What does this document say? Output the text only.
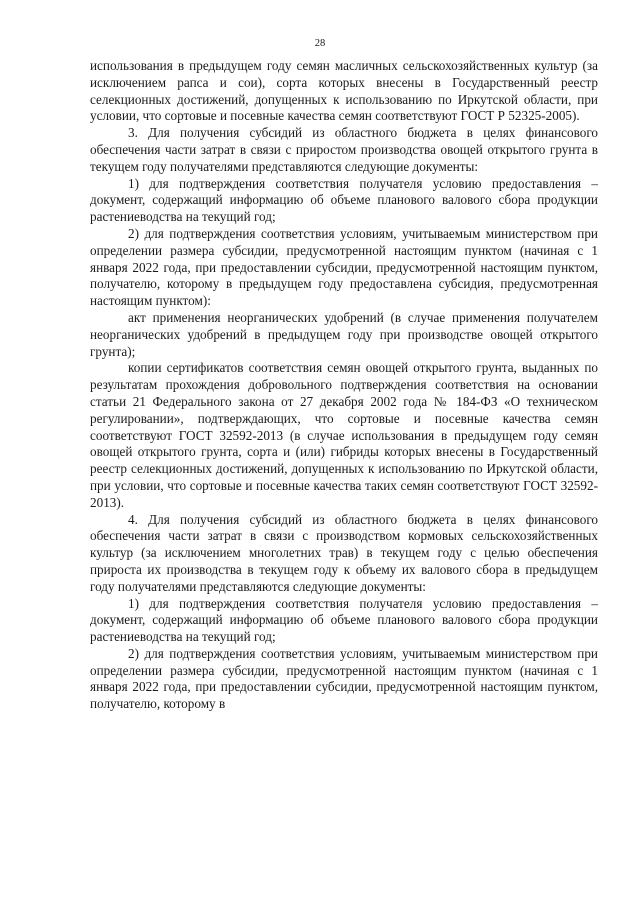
28

использования в предыдущем году семян масличных сельскохозяйственных культур (за исключением рапса и сои), сорта которых внесены в Государственный реестр селекционных достижений, допущенных к использованию по Иркутской области, при условии, что сортовые и посевные качества семян соответствуют ГОСТ Р 52325-2005).

3. Для получения субсидий из областного бюджета в целях финансового обеспечения части затрат в связи с приростом производства овощей открытого грунта в текущем году получателями представляются следующие документы:

1) для подтверждения соответствия получателя условию предоставления – документ, содержащий информацию об объеме планового валового сбора продукции растениеводства на текущий год;

2) для подтверждения соответствия условиям, учитываемым министерством при определении размера субсидии, предусмотренной настоящим пунктом (начиная с 1 января 2022 года, при предоставлении субсидии, предусмотренной настоящим пунктом, получателю, которому в предыдущем году предоставлена субсидия, предусмотренная настоящим пунктом):

акт применения неорганических удобрений (в случае применения получателем неорганических удобрений в предыдущем году при производстве овощей открытого грунта);

копии сертификатов соответствия семян овощей открытого грунта, выданных по результатам прохождения добровольного подтверждения соответствия на основании статьи 21 Федерального закона от 27 декабря 2002 года № 184-ФЗ «О техническом регулировании», подтверждающих, что сортовые и посевные качества семян соответствуют ГОСТ 32592-2013 (в случае использования в предыдущем году семян овощей открытого грунта, сорта и (или) гибриды которых внесены в Государственный реестр селекционных достижений, допущенных к использованию по Иркутской области, при условии, что сортовые и посевные качества таких семян соответствуют ГОСТ 32592-2013).

4. Для получения субсидий из областного бюджета в целях финансового обеспечения части затрат в связи с производством кормовых сельскохозяйственных культур (за исключением многолетних трав) в текущем году с целью обеспечения прироста их производства в текущем году к объему их валового сбора в предыдущем году получателями представляются следующие документы:

1) для подтверждения соответствия получателя условию предоставления – документ, содержащий информацию об объеме планового валового сбора продукции растениеводства на текущий год;

2) для подтверждения соответствия условиям, учитываемым министерством при определении размера субсидии, предусмотренной настоящим пунктом (начиная с 1 января 2022 года, при предоставлении субсидии, предусмотренной настоящим пунктом, получателю, которому в
